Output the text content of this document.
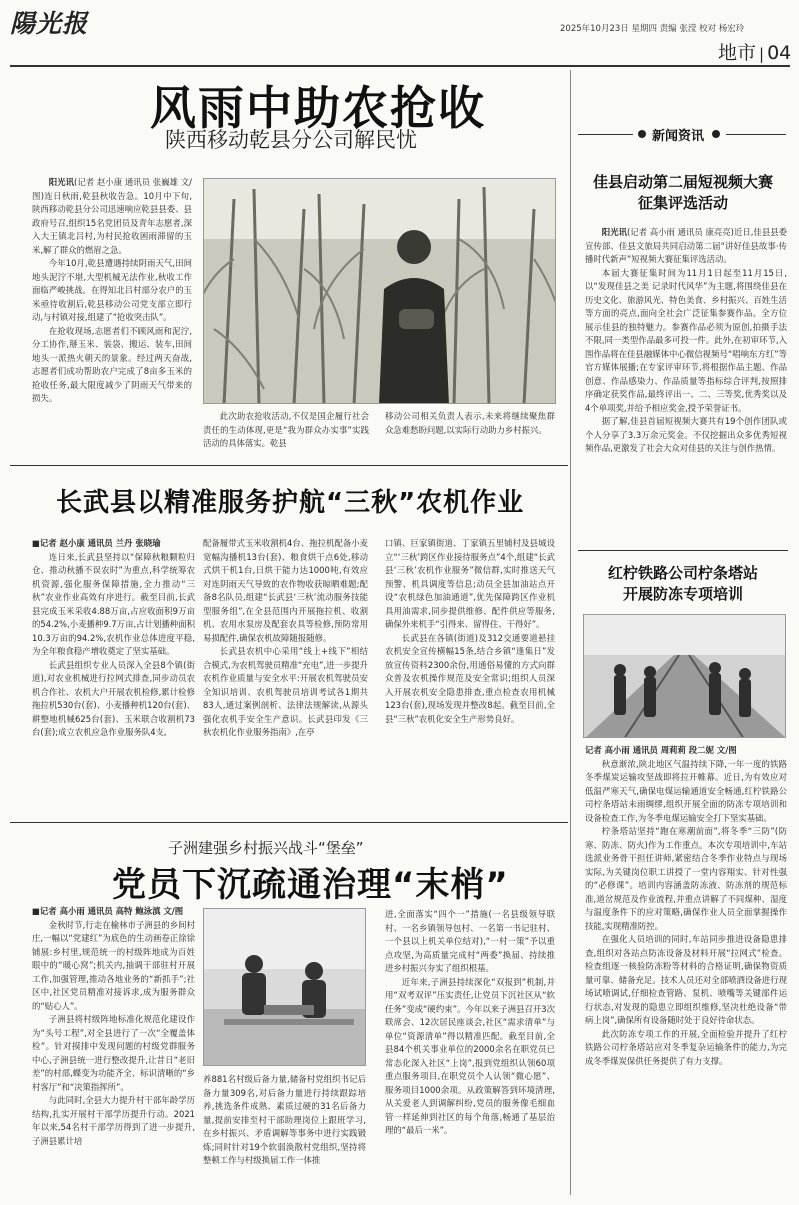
陽光报	2025年10月23日 星期四 责编 张滢 校对 杨宏玲
地市 | 04
风雨中助农抢收
陕西移动乾县分公司解民忧

阳光讯(记者 赵小康 通讯员 张巍雄 文/图)连日秋雨,乾县秋收告急。10月中下旬,陕西移动乾县分公司迅速响应乾县县委、县政府号召,组织15名党团员及青年志愿者,深入大王镇北吕村,为村民抢收困雨滞留的玉米,解了群众的燃眉之急。

今年10月,乾县遭遇持续阴雨天气,田间地头泥泞不堪,大型机械无法作业,秋收工作面临严峻挑战。在得知北吕村部分农户的玉米亟待收割后,乾县移动公司党支部立即行动,与村镇对接,组建了“抢收突击队”。

在抢收现场,志愿者们不顾风雨和泥泞,分工协作,掰玉米、装袋、搬运、装车,田间地头一派热火朝天的景象。经过两天奋战,志愿者们成功帮助农户完成了8亩多玉米的抢收任务,最大限度减少了阴雨天气带来的损失。

此次助农抢收活动,不仅是国企履行社会责任的生动体现,更是“我为群众办实事”实践活动的具体落实。乾县
移动公司相关负责人表示,未来将继续聚焦群众急难愁盼问题,以实际行动助力乡村振兴。
新闻资讯
佳县启动第二届短视频大赛
征集评选活动

阳光讯(记者 高小雨 通讯员 康亮亮)近日,佳县县委宣传部、佳县文旅局共同启动第二届“讲好佳县故事·传播时代新声”短视频大赛征集评选活动。

本届大赛征集时间为11月1日起至11月15日,以“发现佳县之美 记录时代风华”为主题,将围绕佳县在历史文化、旅游风光、特色美食、乡村振兴、百姓生活等方面的亮点,面向全社会广泛征集参赛作品。全方位展示佳县的独特魅力。参赛作品必须为原创,拍摄手法不限,同一类型作品最多可投一件。此外,在初审环节,入围作品将在佳县融媒体中心微信视频号“唱响东方红”等官方媒体展播;在专家评审环节,将根据作品主题、作品创意、作品感染力、作品质量等指标综合评判,按照排序确定获奖作品,最终评出一、二、三等奖,优秀奖以及4个单项奖,并给予相应奖金,授予荣誉证书。

据了解,佳县首届短视频大赛共有19个创作团队或个人分享了3.3万余元奖金。不仅挖掘出众多优秀短视频作品,更激发了社会大众对佳县的关注与创作热情。

红柠铁路公司柠条塔站
开展防冻专项培训

记者 高小雨 通讯员 周莉莉 段二妮 文/图

秋意渐浓,陕北地区气温持续下降,一年一度的铁路冬季煤炭运输攻坚战即将拉开帷幕。近日,为有效应对低温严寒天气,确保电煤运输通道安全畅通,红柠铁路公司柠条塔站未雨绸缪,组织开展全面的防冻专项培训和设备检查工作,为冬季电煤运输安全打下坚实基础。

柠条塔站坚持“跑在寒潮前面”,将冬季“三防”(防寒、防冻、防火)作为工作重点。本次专项培训中,车站选派业务骨干担任讲师,紧密结合冬季作业特点与现场实际,为关键岗位职工讲授了一堂内容翔实、针对性强的“必修课”。培训内容涵盖防冻液、防冻剂的规范标准,道岔规范及作业流程,并重点讲解了不同煤种、湿度与温度条件下的应对策略,确保作业人员全面掌握操作技能,实现精准防控。

在强化人员培训的同时,车站同步推进设备隐患排查,组织对各站点防冻设备及材料开展“拉网式”检查。检查组逐一核验防冻粉等材料的合格证明,确保物资质量可靠、储备充足。技术人员还对全部喷洒设备进行现场试喷调试,仔细检查管路、泵机、喷嘴等关键部件运行状态,对发现的隐患立即组织维修,坚决杜绝设备“带病上岗”,确保所有设备随时处于良好待命状态。

此次防冻专项工作的开展,全面检验并提升了红柠铁路公司柠条塔站应对冬季复杂运输条件的能力,为完成冬季煤炭保供任务提供了有力支撑。

长武县以精准服务护航“三秋”农机作业

■记者 赵小康 通讯员 兰丹 张晓瑜

连日来,长武县坚持以“保障秋粮颗粒归仓、推动秋播不误农时”为重点,科学统筹农机资源,强化服务保障措施,全力推动“三秋”农业作业高效有序进行。截至目前,长武县完成玉米采收4.88万亩,占应收面积9万亩的54.2%,小麦播种9.7万亩,占计划播种面积10.3万亩的94.2%,农机作业总体进度平稳,为全年粮食稳产增收奠定了坚实基础。

长武县组织专业人员深入全县8个镇(街道),对农业机械进行拉网式排查,同步动员农机合作社、农机大户开展农机检修,累计检修拖拉机530台(套)、小麦播种机120台(套)、耕整地机械625台(套)、玉米联合收割机73台(套);成立农机应急作业服务队4支,

配备履带式玉米收割机4台、拖拉机配备小麦宽幅沟播机13台(套)、粮食烘干点6处,移动式烘干机1台,日烘干能力达1000吨,有效应对连阴雨天气导致的农作物收获晾晒难题;配备8名队员,组建“长武县‘三秋’流动服务技能型服务组”,在全县范围内开展拖拉机、收割机、农用水泵房及配套农具等检修,预防常用易损配件,确保农机故障随报随修。

长武县农机中心采用“线上+线下”相结合模式,为农机驾驶员精准“充电”,进一步提升农机作业质量与安全水平:开展农机驾驶员安全知识培训、农机驾驶员培训考试各1期共83人,通过案例剖析、法律法规解读,从源头强化农机手安全生产意识。长武县印发《三秋农机化作业服务指南》,在亭

口镇、巨家镇街道、丁家镇五里铺村及县城设立“‘三秋’跨区作业接待服务点”4个,组建“长武县‘三秋’农机作业服务”微信群,实时推送天气预警、机具调度等信息;动员全县加油站点开设“农机绿色加油通道”,优先保障跨区作业机具用油需求,同步提供维修、配件供应等服务,确保外来机手“引得来、留得住、干得好”。

长武县在各镇(街道)及312交通要道悬挂农机安全宣传横幅15条,结合乡镇“逢集日”发放宣传资料2300余份,用通俗易懂的方式向群众普及农机操作规范及安全常识;组织人员深入开展农机安全隐患排查,重点检查农用机械123台(套),现场发现并整改8起。截至目前,全县“三秋”农机化安全生产形势良好。

子洲建强乡村振兴战斗“堡垒”
党员下沉疏通治理“末梢”

■记者 高小雨 通讯员 高特 鲍泳滇 文/图

金秋时节,行走在榆林市子洲县的乡间村庄,一幅以“党建红”为底色的生动画卷正徐徐铺展:乡村里,规范统一的村级阵地成为百姓眼中的“暖心窝”;机关内,抽调干部驻村开展工作,加强管理,推动各地业务的“新抓手”;社区中,社区党员精准对接诉求,成为服务群众的“贴心人”。

子洲县将村级阵地标准化规范化建设作为“头号工程”,对全县进行了一次“全覆盖体检”。针对摸排中发现问题的村级党群服务中心,子洲县统一进行整改提升,让昔日“老旧差”的村部,蝶变为功能齐全、标识清晰的“乡村客厅”和“决策指挥所”。

与此同时,全县大力提升村干部年龄学历结构,扎实开展村干部学历提升行动。2021年以来,54名村干部学历得到了进一步提升,子洲县累计培

养881名村级后备力量,储备村党组织书记后备力量309名,对后备力量进行持续跟踪培养,挑选条件成熟、素质过硬的31名后备力量,提前安排至村干部助理岗位上跟班学习,在乡村振兴、矛盾调解等事务中进行实践锻炼;同时针对19个软弱涣散村党组织,坚持将整顿工作与村级换届工作一体推

进,全面落实“四个一”措施(一名县级领导联村、一名乡镇领导包村、一名第一书记驻村、一个县以上机关单位结对),“一村一策”予以重点攻坚,为高质量完成村“两委”换届、持续推进乡村振兴夯实了组织根基。

近年来,子洲县持续深化“双报到”机制,并用“双考双评”压实责任,让党员下沉社区从“软任务”变成“硬约束”。今年以来子洲县召开3次联席会、12次居民座谈会,社区“需求清单”与单位“资源清单”得以精准匹配。截至目前,全县84个机关事业单位的2000余名在职党员已常态化深入社区“上岗”,报到党组织认领60项重点服务项目,在职党员个人认领“微心愿”、服务项目1000余项。从政策解答到环境清理,从关爱老人到调解纠纷,党员的服务像毛细血管一样延伸到社区的每个角落,畅通了基层治理的“最后一米”。
